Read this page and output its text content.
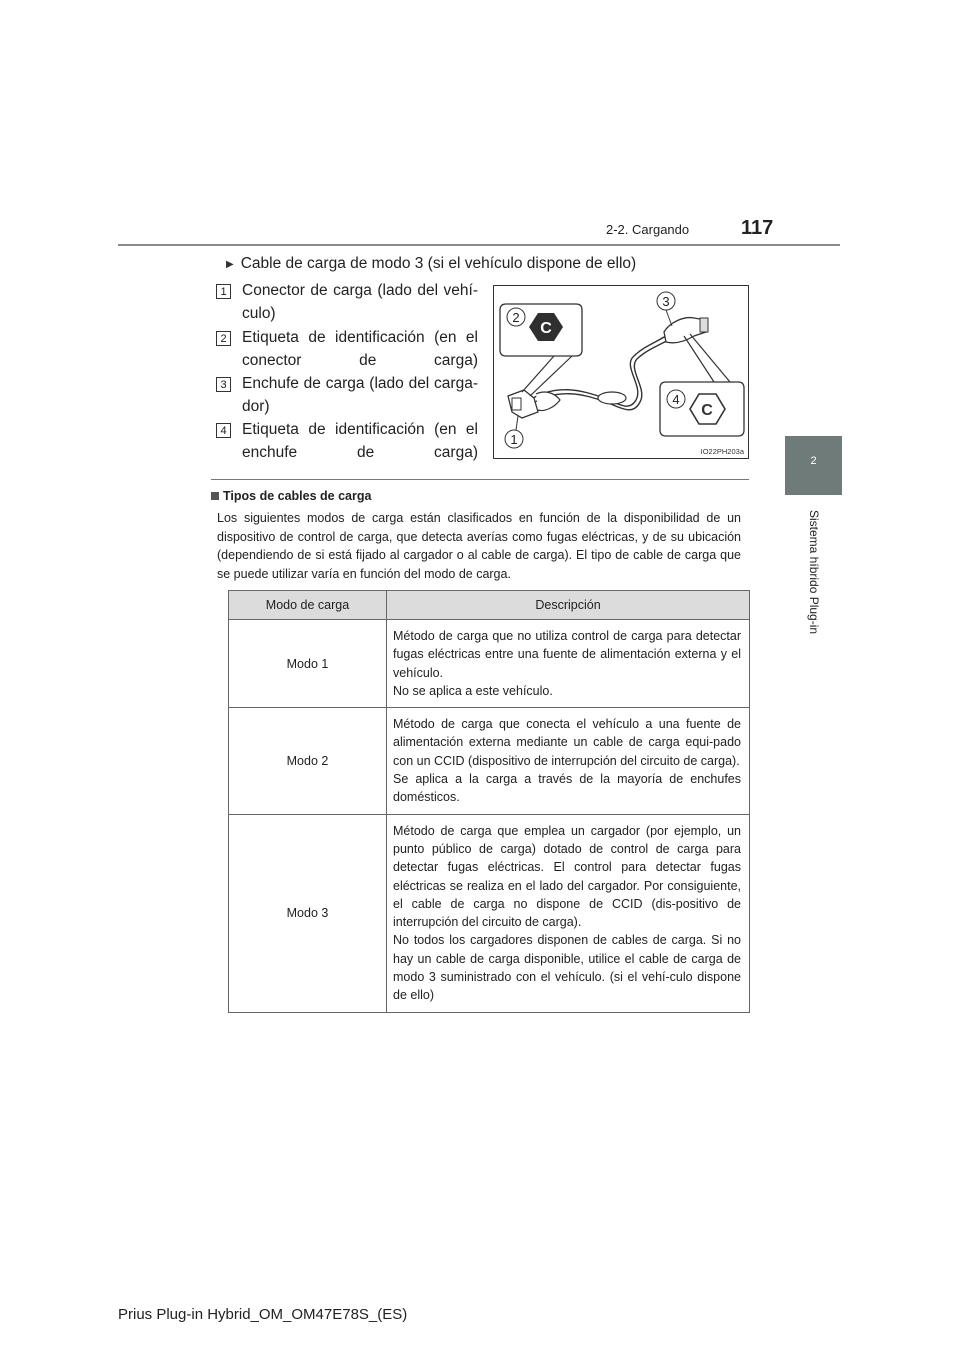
2-2. Cargando	117
2
Sistema híbrido Plug-in
▶ Cable de carga de modo 3 (si el vehículo dispone de ello)
1 Conector de carga (lado del vehí-culo)
2 Etiqueta de identificación (en el conector de carga)
3 Enchufe de carga (lado del carga-dor)
4 Etiqueta de identificación (en el enchufe de carga)
C
C
1
2
3
4
IO22PH203a
Tipos de cables de carga
Los siguientes modos de carga están clasificados en función de la disponibilidad de un dispositivo de control de carga, que detecta averías como fugas eléctricas, y de su ubicación (dependiendo de si está fijado al cargador o al cable de carga). El tipo de cable de carga que se puede utilizar varía en función del modo de carga.
Modo de carga	Descripción
Modo 1	Método de carga que no utiliza control de carga para detectar fugas eléctricas entre una fuente de alimentación externa y el vehículo.
No se aplica a este vehículo.

Modo 2	Método de carga que conecta el vehículo a una fuente de alimentación externa mediante un cable de carga equi-pado con un CCID (dispositivo de interrupción del circuito de carga).
Se aplica a la carga a través de la mayoría de enchufes domésticos.

Modo 3	Método de carga que emplea un cargador (por ejemplo, un punto público de carga) dotado de control de carga para detectar fugas eléctricas. El control para detectar fugas eléctricas se realiza en el lado del cargador. Por consiguiente, el cable de carga no dispone de CCID (dis-positivo de interrupción del circuito de carga).
No todos los cargadores disponen de cables de carga. Si no hay un cable de carga disponible, utilice el cable de carga de modo 3 suministrado con el vehículo. (si el vehí-culo dispone de ello)
Prius Plug-in Hybrid_OM_OM47E78S_(ES)
